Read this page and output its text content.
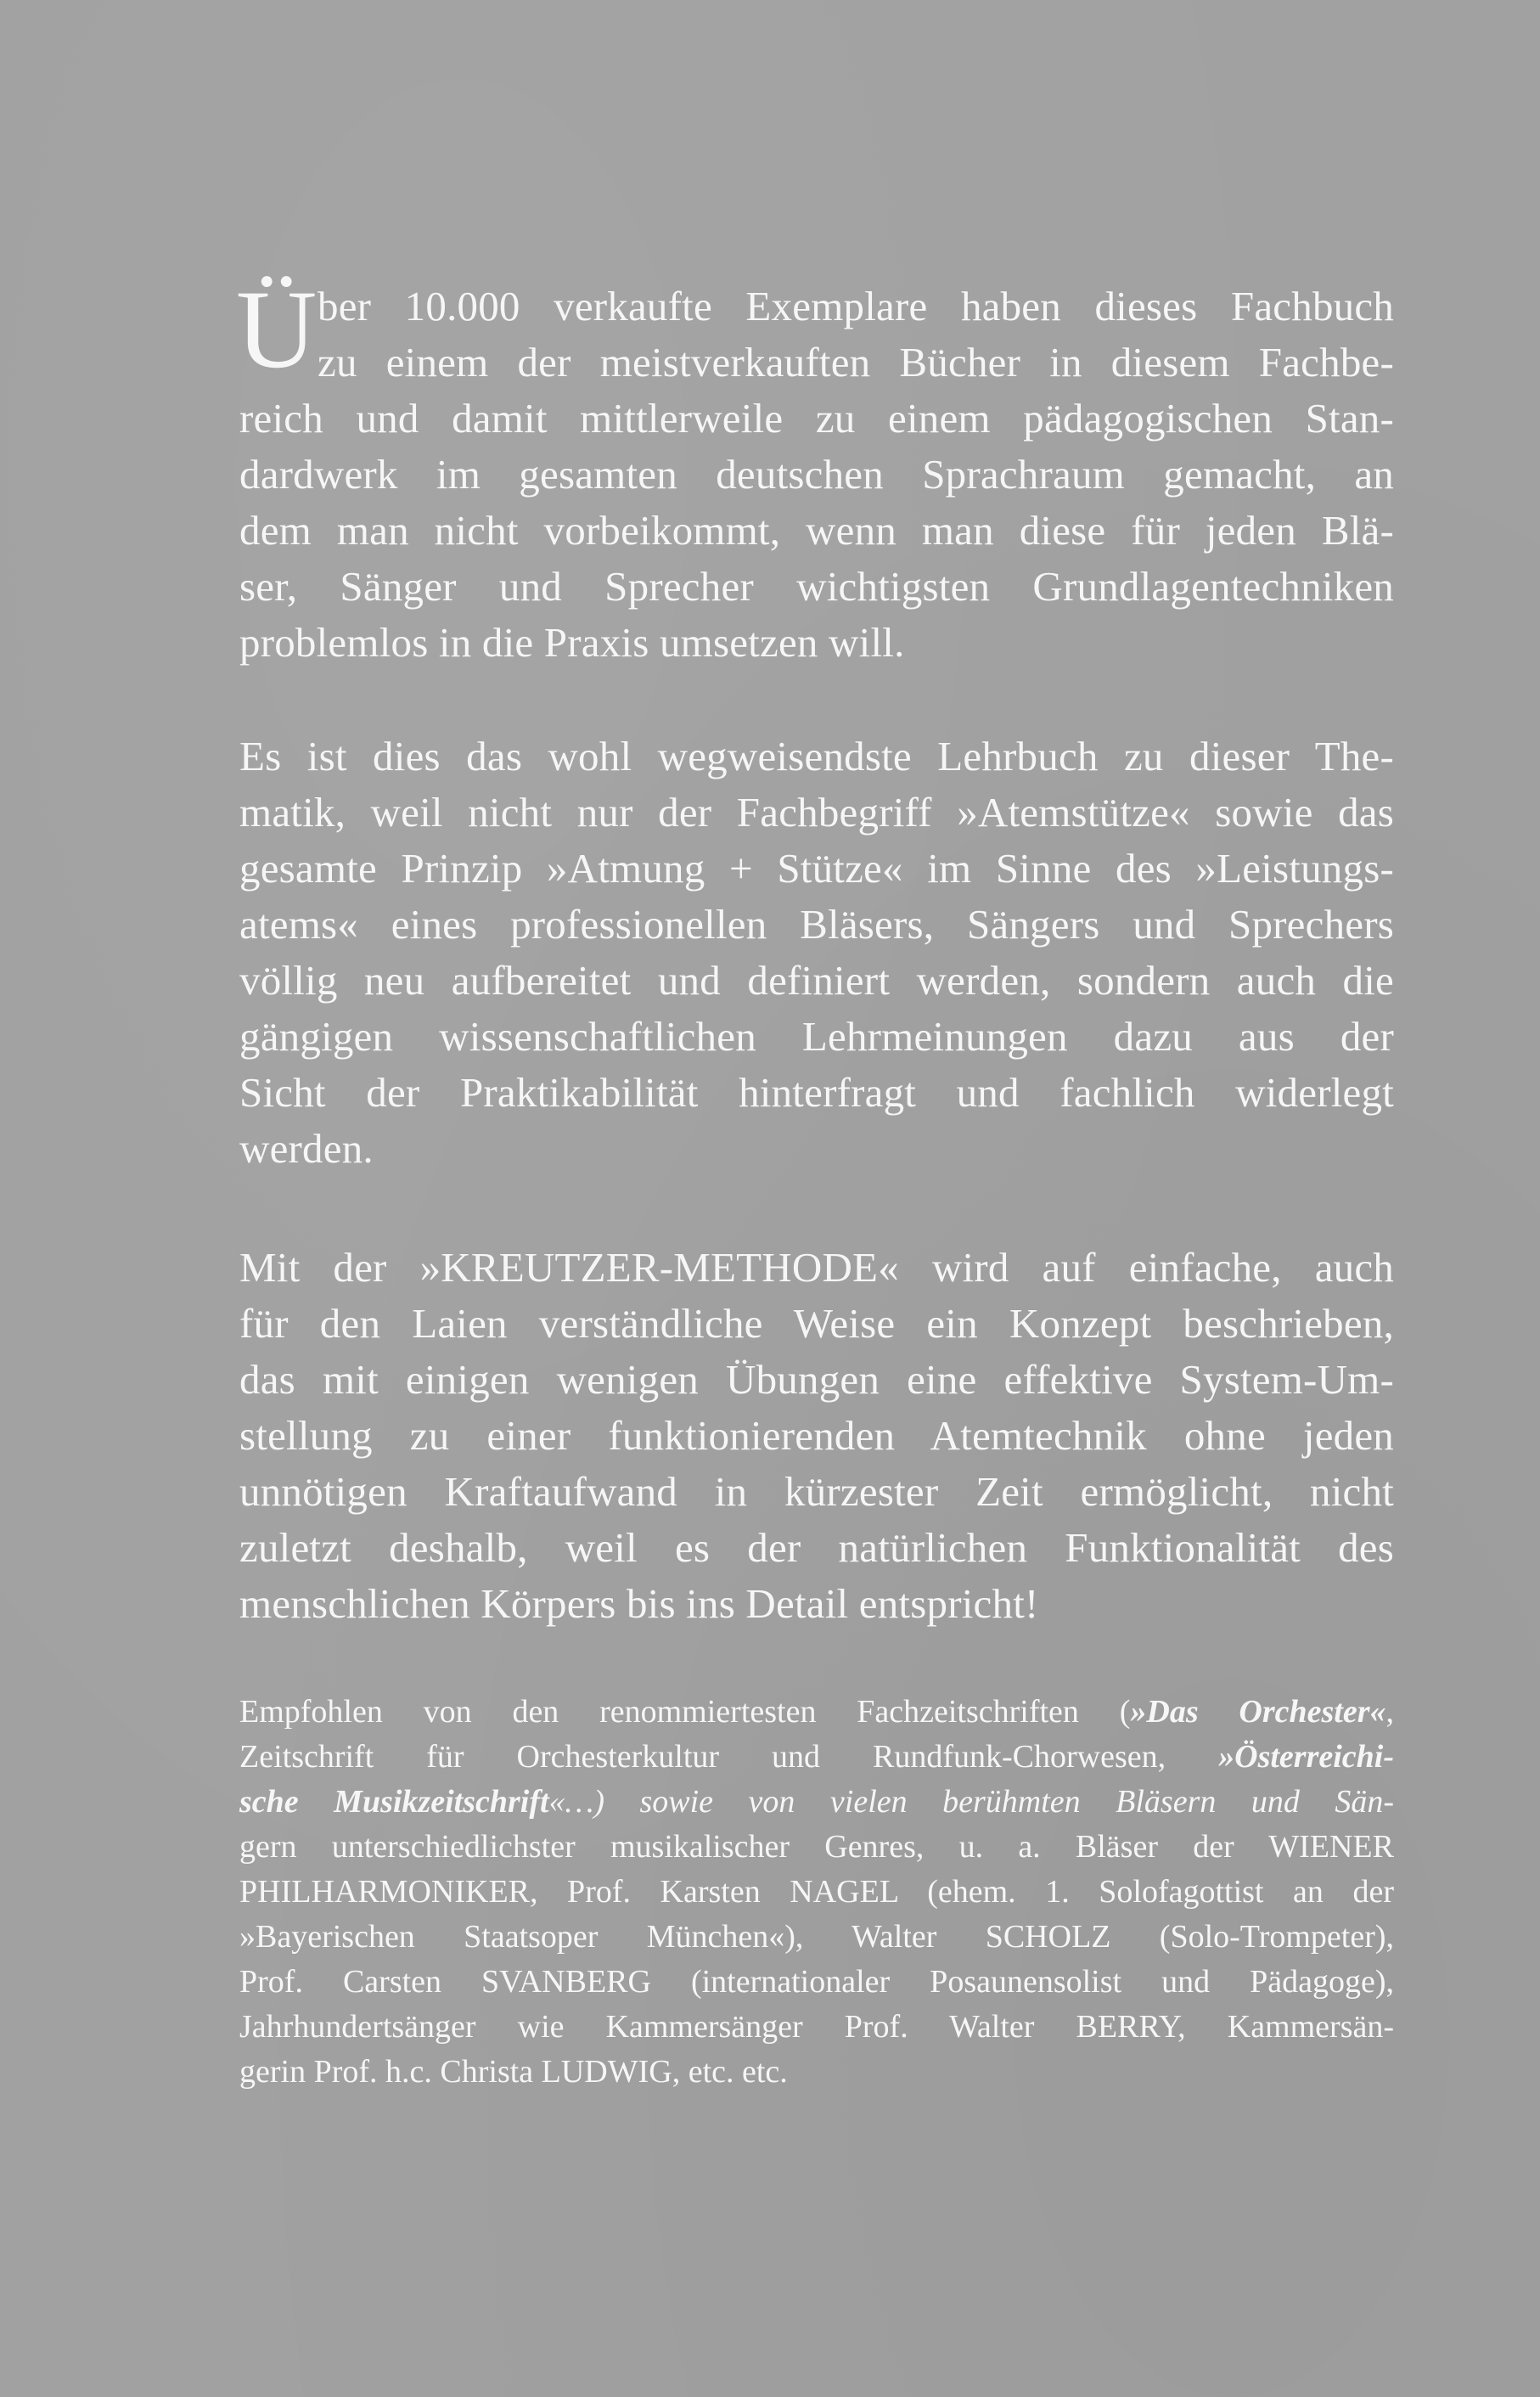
Ü ber 10.000 verkaufte Exemplare haben dieses Fachbuch
zu einem der meistverkauften Bücher in diesem Fachbe-
reich und damit mittlerweile zu einem pädagogischen Stan-
dardwerk im gesamten deutschen Sprachraum gemacht, an
dem man nicht vorbeikommt, wenn man diese für jeden Blä-
ser, Sänger und Sprecher wichtigsten Grundlagentechniken
problemlos in die Praxis umsetzen will.

Es ist dies das wohl wegweisendste Lehrbuch zu dieser The-
matik, weil nicht nur der Fachbegriff »Atemstütze« sowie das
gesamte Prinzip »Atmung + Stütze« im Sinne des »Leistungs-
atems« eines professionellen Bläsers, Sängers und Sprechers
völlig neu aufbereitet und definiert werden, sondern auch die
gängigen wissenschaftlichen Lehrmeinungen dazu aus der
Sicht der Praktikabilität hinterfragt und fachlich widerlegt
werden.

Mit der »KREUTZER-METHODE« wird auf einfache, auch
für den Laien verständliche Weise ein Konzept beschrieben,
das mit einigen wenigen Übungen eine effektive System-Um-
stellung zu einer funktionierenden Atemtechnik ohne jeden
unnötigen Kraftaufwand in kürzester Zeit ermöglicht, nicht
zuletzt deshalb, weil es der natürlichen Funktionalität des
menschlichen Körpers bis ins Detail entspricht!

Empfohlen von den renommiertesten Fachzeitschriften (»Das Orchester«,
Zeitschrift für Orchesterkultur und Rundfunk-Chorwesen, »Österreichi-
sche Musikzeitschrift«…) sowie von vielen berühmten Bläsern und Sän-
gern unterschiedlichster musikalischer Genres, u. a. Bläser der WIENER
PHILHARMONIKER, Prof. Karsten NAGEL (ehem. 1. Solofagottist an der
»Bayerischen Staatsoper München«), Walter SCHOLZ (Solo-Trompeter),
Prof. Carsten SVANBERG (internationaler Posaunensolist und Pädagoge),
Jahrhundertsänger wie Kammersänger Prof. Walter BERRY, Kammersän-
gerin Prof. h.c. Christa LUDWIG, etc. etc.
